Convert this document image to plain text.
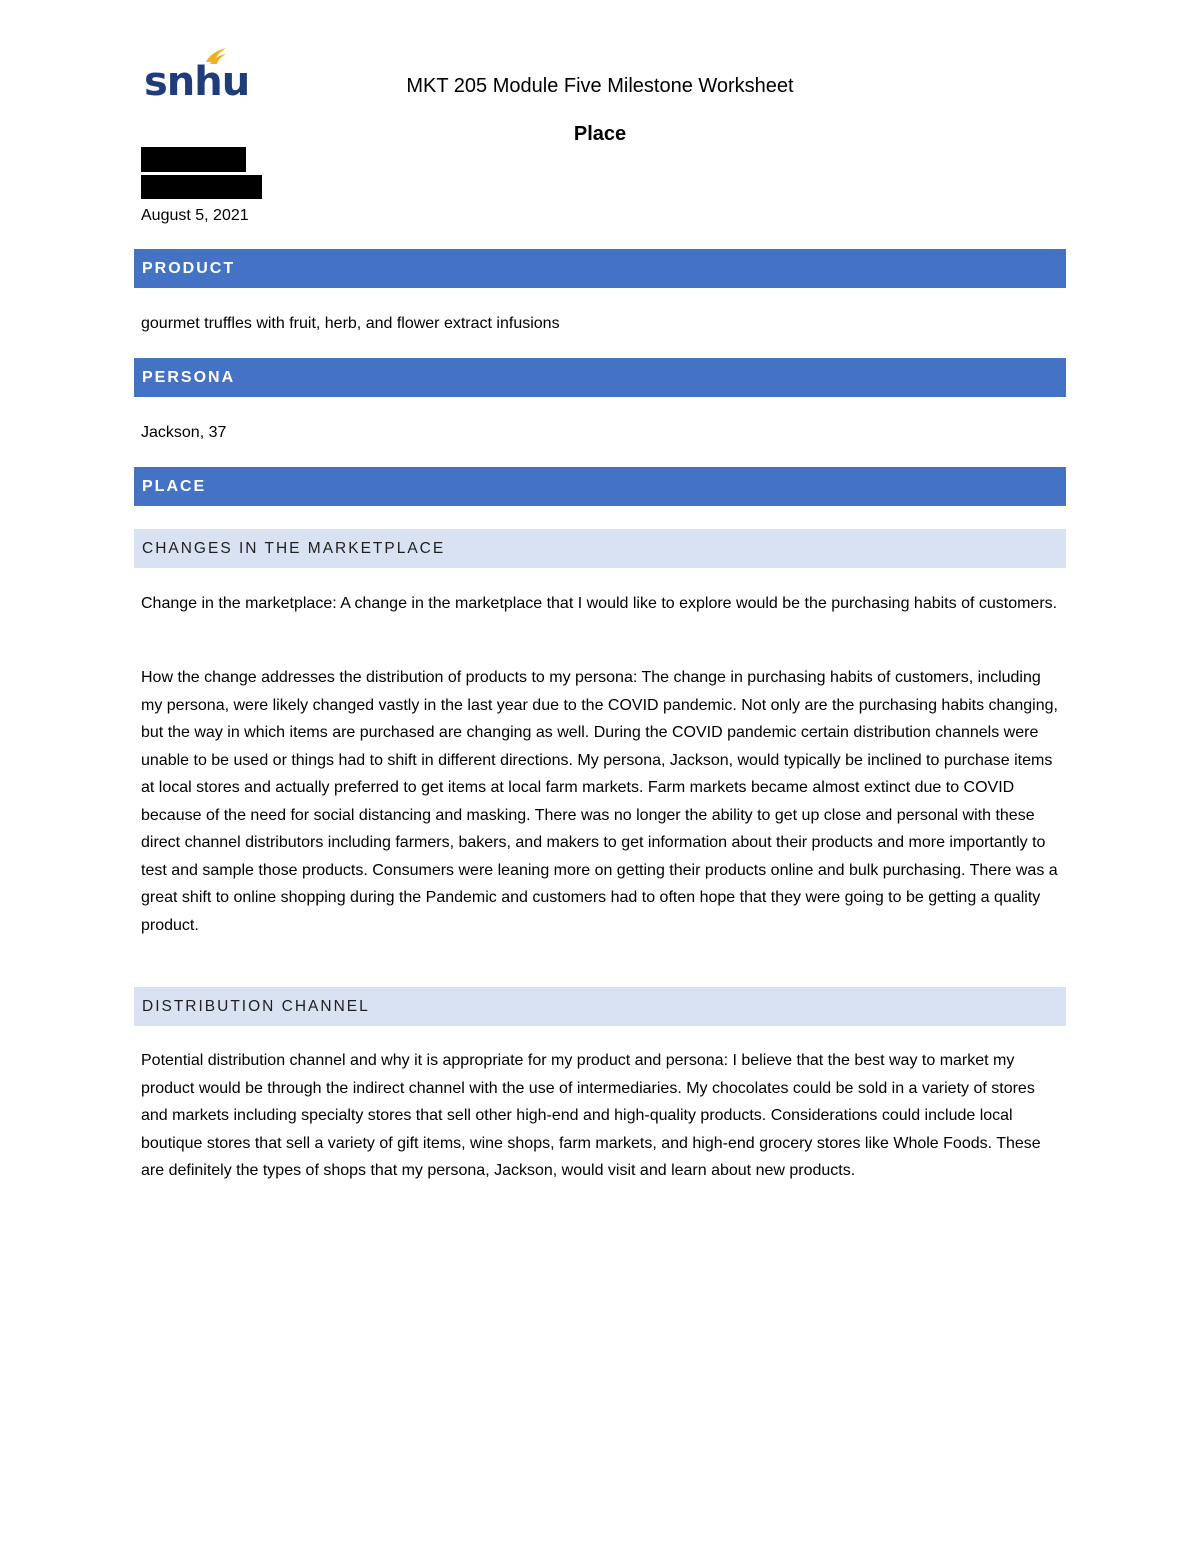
snhu	MKT 205 Module Five Milestone Worksheet
Place
August 5, 2021
PRODUCT
gourmet truffles with fruit, herb, and flower extract infusions
PERSONA
Jackson, 37
PLACE
CHANGES IN THE MARKETPLACE
Change in the marketplace: A change in the marketplace that I would like to explore would be the purchasing habits of customers.
How the change addresses the distribution of products to my persona: The change in purchasing habits of customers, including my persona, were likely changed vastly in the last year due to the COVID pandemic. Not only are the purchasing habits changing, but the way in which items are purchased are changing as well. During the COVID pandemic certain distribution channels were unable to be used or things had to shift in different directions. My persona, Jackson, would typically be inclined to purchase items at local stores and actually preferred to get items at local farm markets. Farm markets became almost extinct due to COVID because of the need for social distancing and masking. There was no longer the ability to get up close and personal with these direct channel distributors including farmers, bakers, and makers to get information about their products and more importantly to test and sample those products. Consumers were leaning more on getting their products online and bulk purchasing. There was a great shift to online shopping during the Pandemic and customers had to often hope that they were going to be getting a quality product.
DISTRIBUTION CHANNEL
Potential distribution channel and why it is appropriate for my product and persona: I believe that the best way to market my product would be through the indirect channel with the use of intermediaries. My chocolates could be sold in a variety of stores and markets including specialty stores that sell other high-end and high-quality products. Considerations could include local boutique stores that sell a variety of gift items, wine shops, farm markets, and high-end grocery stores like Whole Foods. These are definitely the types of shops that my persona, Jackson, would visit and learn about new products.
